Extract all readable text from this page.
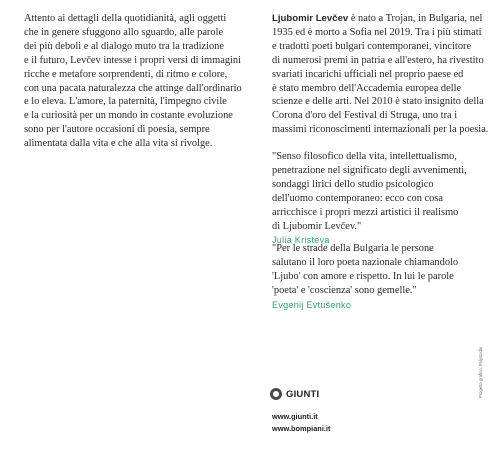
Attento ai dettagli della quotidianità, agli oggetti
che in genere sfuggono allo sguardo, alle parole
dei più deboli e al dialogo muto tra la tradizione
e il futuro, Levčev intesse i propri versi di immagini
ricche e metafore sorprendenti, di ritmo e colore,
con una pacata naturalezza che attinge dall'ordinario
e lo eleva. L'amore, la paternità, l'impegno civile
e la curiosità per un mondo in costante evoluzione
sono per l'autore occasioni di poesia, sempre
alimentata dalla vita e che alla vita si rivolge.
Ljubomir Levčev è nato a Trojan, in Bulgaria, nel
1935 ed è morto a Sofia nel 2019. Tra i più stimati
e tradotti poeti bulgari contemporanei, vincitore
di numerosi premi in patria e all'estero, ha rivestito
svariati incarichi ufficiali nel proprio paese ed
è stato membro dell'Accademia europea delle
scienze e delle arti. Nel 2010 è stato insignito della
Corona d'oro del Festival di Struga, uno tra i
massimi riconoscimenti internazionali per la poesia.
"Senso filosofico della vita, intellettualismo,
penetrazione nel significato degli avvenimenti,
sondaggi lirici dello studio psicologico
dell'uomo contemporaneo: ecco con cosa
arricchisce i propri mezzi artistici il realismo
di Ljubomir Levčev."
Julia Kristeva
"Per le strade della Bulgaria le persone
salutano il loro poeta nazionale chiamandolo
'Ljubo' con amore e rispetto. In lui le parole
'poeta' e 'coscienza' sono gemelle."
Evgenij Evtušenko
GIUNTI
www.giunti.it
www.bompiani.it
Progetto grafico: Polystudio
